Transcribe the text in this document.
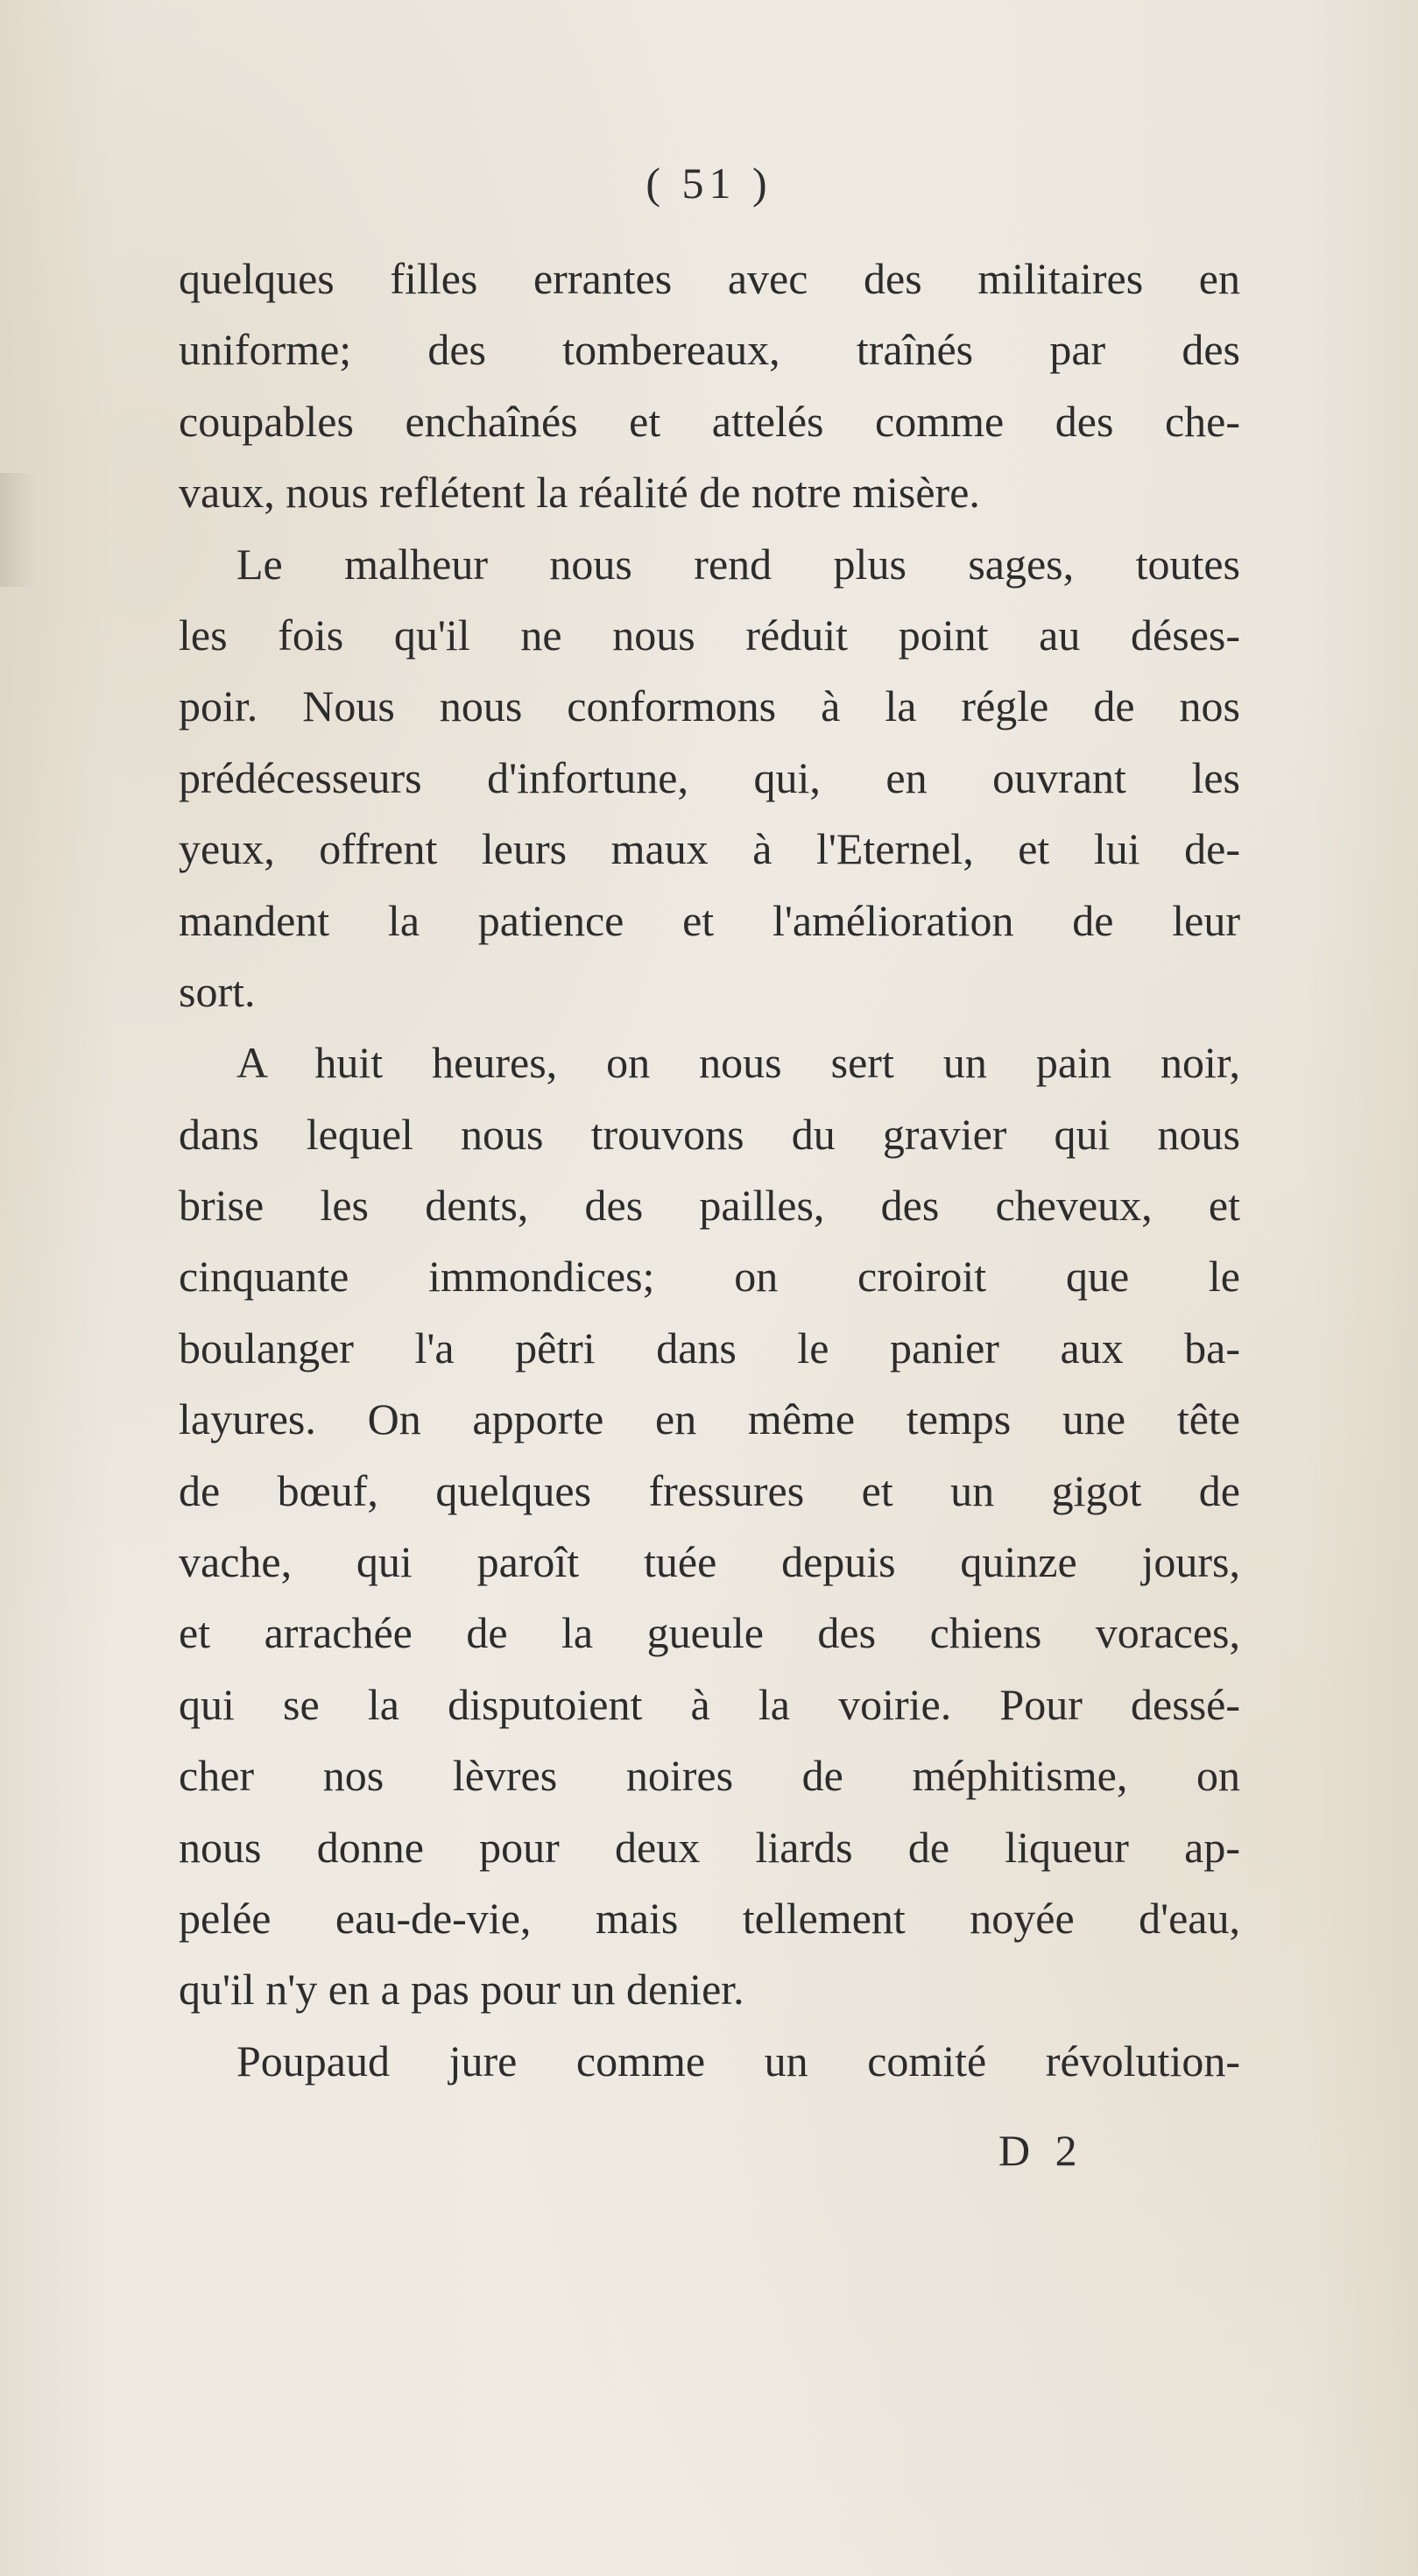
( 51 )
quelques filles errantes avec des militaires en
uniforme; des tombereaux, traînés par des
coupables enchaînés et attelés comme des che-
vaux, nous reflétent la réalité de notre misère.
Le malheur nous rend plus sages, toutes
les fois qu'il ne nous réduit point au déses-
poir. Nous nous conformons à la régle de nos
prédécesseurs d'infortune, qui, en ouvrant les
yeux, offrent leurs maux à l'Eternel, et lui de-
mandent la patience et l'amélioration de leur
sort.
A huit heures, on nous sert un pain noir,
dans lequel nous trouvons du gravier qui nous
brise les dents, des pailles, des cheveux, et
cinquante immondices; on croiroit que le
boulanger l'a pêtri dans le panier aux ba-
layures. On apporte en même temps une tête
de bœuf, quelques fressures et un gigot de
vache, qui paroît tuée depuis quinze jours,
et arrachée de la gueule des chiens voraces,
qui se la disputoient à la voirie. Pour dessé-
cher nos lèvres noires de méphitisme, on
nous donne pour deux liards de liqueur ap-
pelée eau-de-vie, mais tellement noyée d'eau,
qu'il n'y en a pas pour un denier.
Poupaud jure comme un comité révolution-
D 2
